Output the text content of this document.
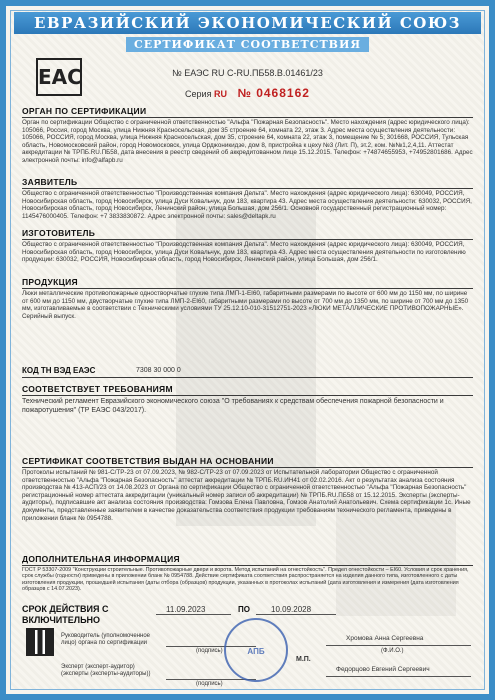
ЕВРАЗИЙСКИЙ ЭКОНОМИЧЕСКИЙ СОЮЗ
СЕРТИФИКАТ СООТВЕТСТВИЯ
EAC	№ ЕАЭС RU С-RU.ПБ58.В.01461/23
Серия RU № 0468162
ОРГАН ПО СЕРТИФИКАЦИИ
Орган по сертификации Общество с ограниченной ответственностью "Альфа "Пожарная Безопасность". Место нахождения (адрес юридического лица): 105066, Россия, город Москва, улица Нижняя Красносельская, дом 35 строение 64, комната 22, этаж 3. Адрес места осуществления деятельности: 105066, РОССИЯ, город Москва, улица Нижняя Красносельская, дом 35, строение 64, комната 22, этаж 3, помещение № 5; 301668, РОССИЯ, Тульская область, Новомосковский район, город Новомосковск, улица Орджоникидзе, дом 8, пристройка к цеху №3 (Лит. П), эт.2, ком. №№1,2,4,11. Аттестат аккредитации № ТРПБ.RU.ПБ58, дата внесения в реестр сведений об аккредитованном лице 15.12.2015. Телефон: +74874655953, +74952801686. Адрес электронной почты: info@alfapb.ru
ЗАЯВИТЕЛЬ
Общество с ограниченной ответственностью "Производственная компания Дельта". Место нахождения (адрес юридического лица): 630049, РОССИЯ, Новосибирская область, город Новосибирск, улица Дуси Ковальчук, дом 183, квартира 43. Адрес места осуществления деятельности: 630032, РОССИЯ, Новосибирская область, город Новосибирск, Ленинский район, улица Большая, дом 256/1. Основной государственный регистрационный номер: 1145476000405. Телефон: +7 3833830872. Адрес электронной почты: sales@deltapk.ru
ИЗГОТОВИТЕЛЬ
Общество с ограниченной ответственностью "Производственная компания Дельта". Место нахождения (адрес юридического лица): 630049, РОССИЯ, Новосибирская область, город Новосибирск, улица Дуси Ковальчук, дом 183, квартира 43. Адрес места осуществления деятельности по изготовлению продукции: 630032, РОССИЯ, Новосибирская область, город Новосибирск, Ленинский район, улица Большая, дом 256/1.
ПРОДУКЦИЯ
Люки металлические противопожарные одностворчатые глухие типа ЛМП-1-EI60, габаритными размерами по высоте от 600 мм до 1150 мм, по ширине от 600 мм до 1150 мм, двустворчатые глухие типа ЛМП-2-EI60, габаритными размерами по высоте от 700 мм до 1350 мм, по ширине от 700 мм до 1350 мм, изготавливаемые в соответствии с Техническими условиями ТУ 25.12.10-010-31512751-2023 «ЛЮКИ МЕТАЛЛИЧЕСКИЕ ПРОТИВОПОЖАРНЫЕ». Серийный выпуск.
КОД ТН ВЭД ЕАЭС	7308 30 000 0
СООТВЕТСТВУЕТ ТРЕБОВАНИЯМ
Технический регламент Евразийского экономического союза "О требованиях к средствам обеспечения пожарной безопасности и пожаротушения" (ТР ЕАЭС 043/2017).
СЕРТИФИКАТ СООТВЕТСТВИЯ ВЫДАН НА ОСНОВАНИИ
Протоколы испытаний № 981-С/ТР-23 от 07.09.2023, № 982-С/ТР-23 от 07.09.2023 от Испытательной лаборатории Общество с ограниченной ответственностью "Альфа "Пожарная Безопасность" аттестат аккредитации № ТРПБ.RU.ИН41 от 02.02.2016. Акт о результатах анализа состояния производства № 413-АСП/23 от 14.08.2023 от Органа по сертификации Общество с ограниченной ответственностью "Альфа "Пожарная Безопасность" регистрационный номер аттестата аккредитации (уникальный номер записи об аккредитации) № ТРПБ.RU.ПБ58 от 15.12.2015. Эксперты (эксперты-аудиторы), подписавшие акт анализа состояния производства: Гомзова Елена Павловна, Гомзов Анатолий Анатольевич. Схема сертификации 1с. Иные документы, представленные заявителем в качестве доказательства соответствия продукции требованиям технического регламента, приведены в приложении бланк № 0954788.
ДОПОЛНИТЕЛЬНАЯ ИНФОРМАЦИЯ
ГОСТ Р 53307-2009 "Конструкции строительные. Противопожарные двери и ворота. Метод испытаний на огнестойкость". Предел огнестойкости – EI60. Условия и срок хранения, срок службы (годности) приведены в приложении бланк № 0954788. Действие сертификата соответствия распространяется на изделия данного типа, изготовленного с даты изготовления продукции, прошедшей испытания (даты отбора (образцов) продукции, указанных в протоколах испытаний (дата изготовления и измерения (дата изготовления образцов с 14.07.2023).
СРОК ДЕЙСТВИЯ С
ВКЛЮЧИТЕЛЬНО
11.09.2023	ПО	10.09.2028
Руководитель (уполномоченное лицо) органа по сертификации
(подпись)
Хромова Анна Сергеевна
(Ф.И.О.)
Эксперт (эксперт-аудитор) (эксперты (эксперты-аудиторы))
(подпись)
Федорцово Евгений Сергеевич
АПБ
М.П.
